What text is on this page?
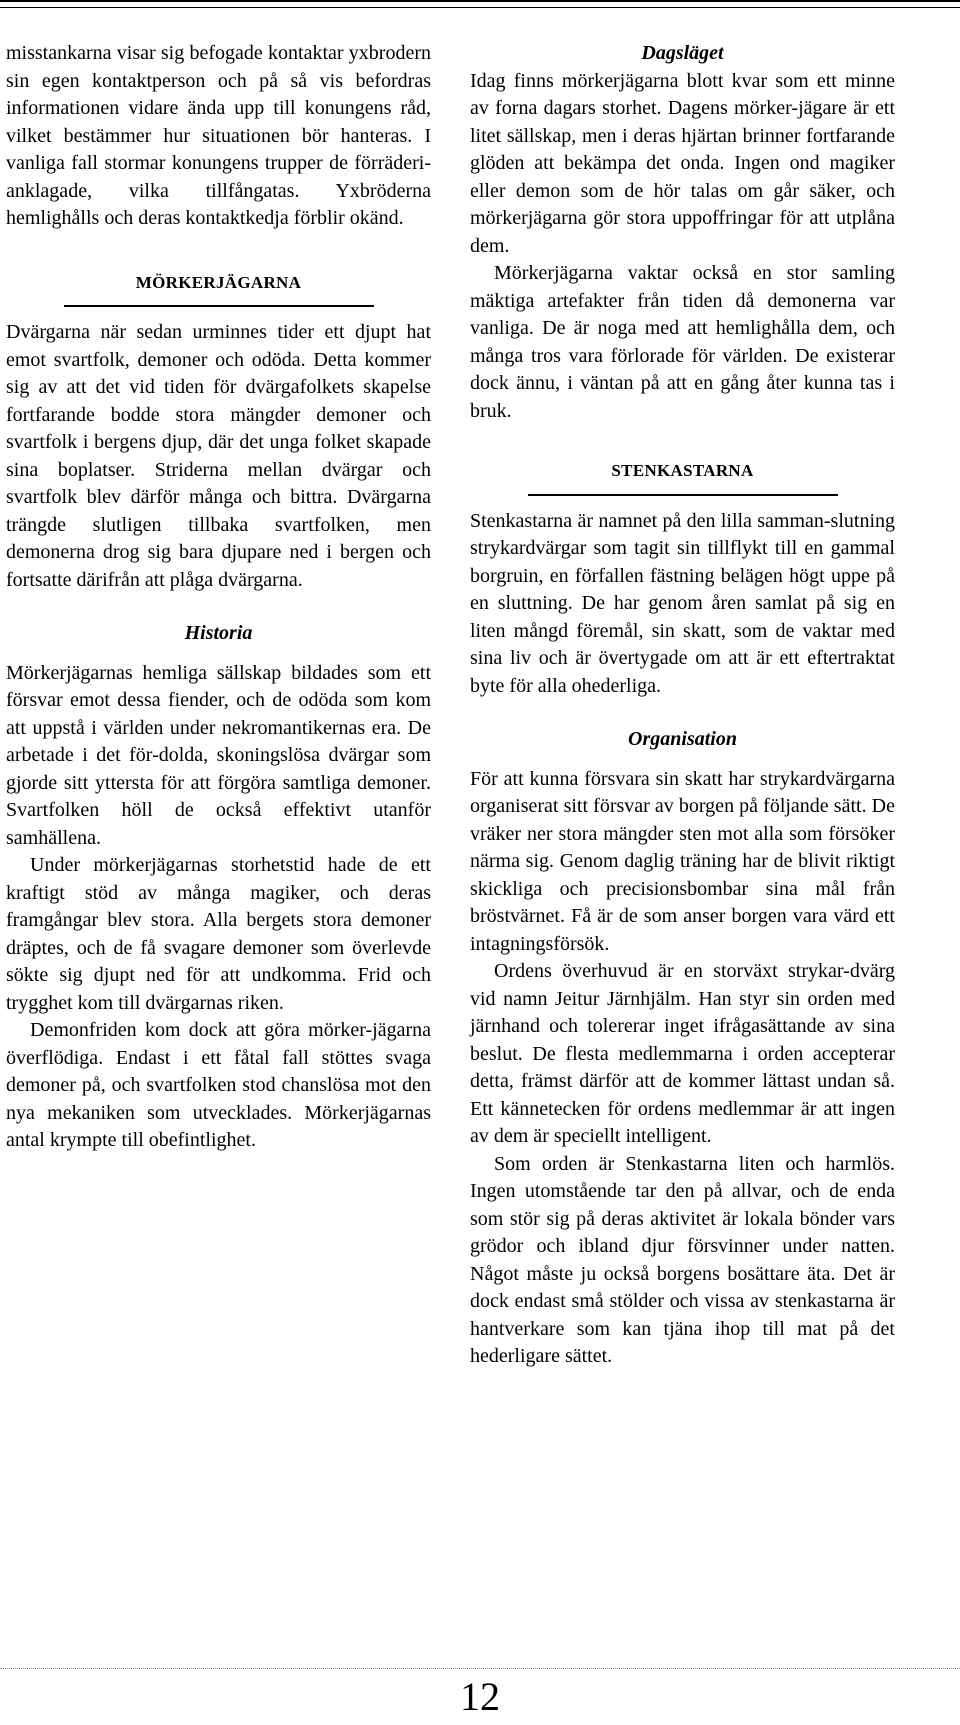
misstankarna visar sig befogade kontaktar yxbrodern sin egen kontaktperson och på så vis befordras informationen vidare ända upp till konungens råd, vilket bestämmer hur situationen bör hanteras. I vanliga fall stormar konungens trupper de förräderi-anklagade, vilka tillfångatas. Yxbröderna hemlighålls och deras kontaktkedja förblir okänd.

MÖRKERJÄGARNA

Dvärgarna när sedan urminnes tider ett djupt hat emot svartfolk, demoner och odöda. Detta kommer sig av att det vid tiden för dvärgafolkets skapelse fortfarande bodde stora mängder demoner och svartfolk i bergens djup, där det unga folket skapade sina boplatser. Striderna mellan dvärgar och svartfolk blev därför många och bittra. Dvärgarna trängde slutligen tillbaka svartfolken, men demonerna drog sig bara djupare ned i bergen och fortsatte därifrån att plåga dvärgarna.

Historia

Mörkerjägarnas hemliga sällskap bildades som ett försvar emot dessa fiender, och de odöda som kom att uppstå i världen under nekromantikernas era. De arbetade i det för-dolda, skoningslösa dvärgar som gjorde sitt yttersta för att förgöra samtliga demoner. Svartfolken höll de också effektivt utanför samhällena.

Under mörkerjägarnas storhetstid hade de ett kraftigt stöd av många magiker, och deras framgångar blev stora. Alla bergets stora demoner dräptes, och de få svagare demoner som överlevde sökte sig djupt ned för att undkomma. Frid och trygghet kom till dvärgarnas riken.

Demonfriden kom dock att göra mörker-jägarna överflödiga. Endast i ett fåtal fall stöttes svaga demoner på, och svartfolken stod chanslösa mot den nya mekaniken som utvecklades. Mörkerjägarnas antal krympte till obefintlighet.

Dagsläget

Idag finns mörkerjägarna blott kvar som ett minne av forna dagars storhet. Dagens mörker-jägare är ett litet sällskap, men i deras hjärtan brinner fortfarande glöden att bekämpa det onda. Ingen ond magiker eller demon som de hör talas om går säker, och mörkerjägarna gör stora uppoffringar för att utplåna dem.

Mörkerjägarna vaktar också en stor samling mäktiga artefakter från tiden då demonerna var vanliga. De är noga med att hemlighålla dem, och många tros vara förlorade för världen. De existerar dock ännu, i väntan på att en gång åter kunna tas i bruk.

STENKASTARNA

Stenkastarna är namnet på den lilla samman-slutning strykardvärgar som tagit sin tillflykt till en gammal borgruin, en förfallen fästning belägen högt uppe på en sluttning. De har genom åren samlat på sig en liten mångd föremål, sin skatt, som de vaktar med sina liv och är övertygade om att är ett eftertraktat byte för alla ohederliga.

Organisation

För att kunna försvara sin skatt har strykardvärgarna organiserat sitt försvar av borgen på följande sätt. De vräker ner stora mängder sten mot alla som försöker närma sig. Genom daglig träning har de blivit riktigt skickliga och precisionsbombar sina mål från bröstvärnet. Få är de som anser borgen vara värd ett intagningsförsök.

Ordens överhuvud är en storväxt strykar-dvärg vid namn Jeitur Järnhjälm. Han styr sin orden med järnhand och tolererar inget ifrågasättande av sina beslut. De flesta medlemmarna i orden accepterar detta, främst därför att de kommer lättast undan så. Ett kännetecken för ordens medlemmar är att ingen av dem är speciellt intelligent.

Som orden är Stenkastarna liten och harmlös. Ingen utomstående tar den på allvar, och de enda som stör sig på deras aktivitet är lokala bönder vars grödor och ibland djur försvinner under natten. Något måste ju också borgens bosättare äta. Det är dock endast små stölder och vissa av stenkastarna är hantverkare som kan tjäna ihop till mat på det hederligare sättet.

12
